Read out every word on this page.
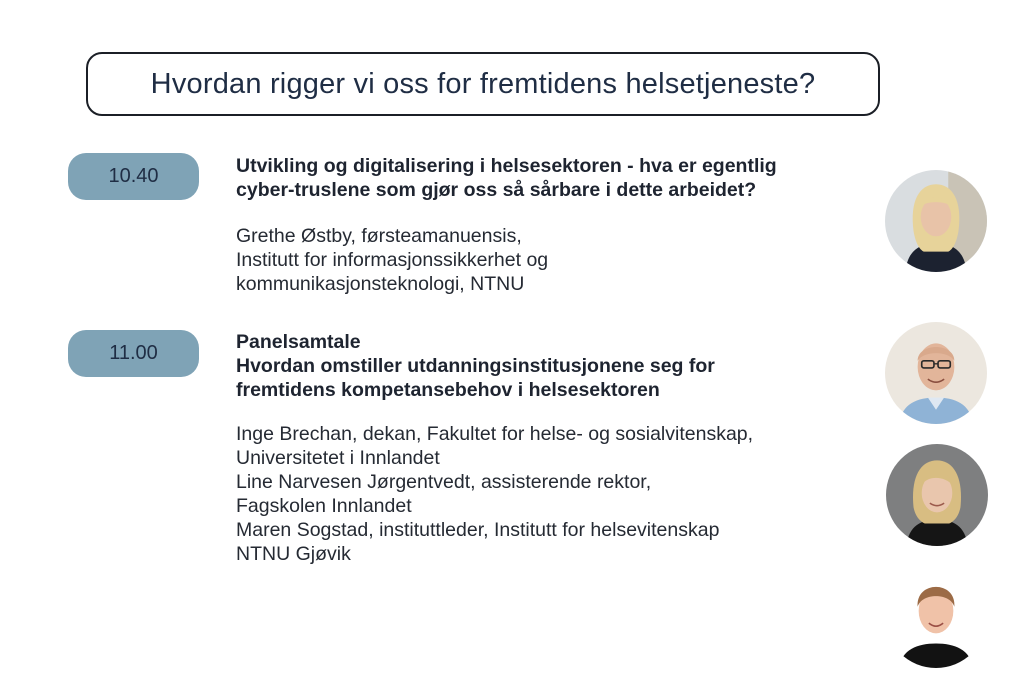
Hvordan rigger vi oss for fremtidens helsetjeneste?
10.40	Utvikling og digitalisering i helsesektoren - hva er egentlig
cyber-truslene som gjør oss så sårbare i dette arbeidet?
Grethe Østby, førsteamanuensis,
Institutt for informasjonssikkerhet og
kommunikasjonsteknologi, NTNU
11.00	Panelsamtale
Hvordan omstiller utdanningsinstitusjonene seg for
fremtidens kompetansebehov i helsesektoren
Inge Brechan, dekan, Fakultet for helse- og sosialvitenskap,
Universitetet i Innlandet
Line Narvesen Jørgentvedt, assisterende rektor,
Fagskolen Innlandet
Maren Sogstad, instituttleder, Institutt for helsevitenskap
NTNU Gjøvik
